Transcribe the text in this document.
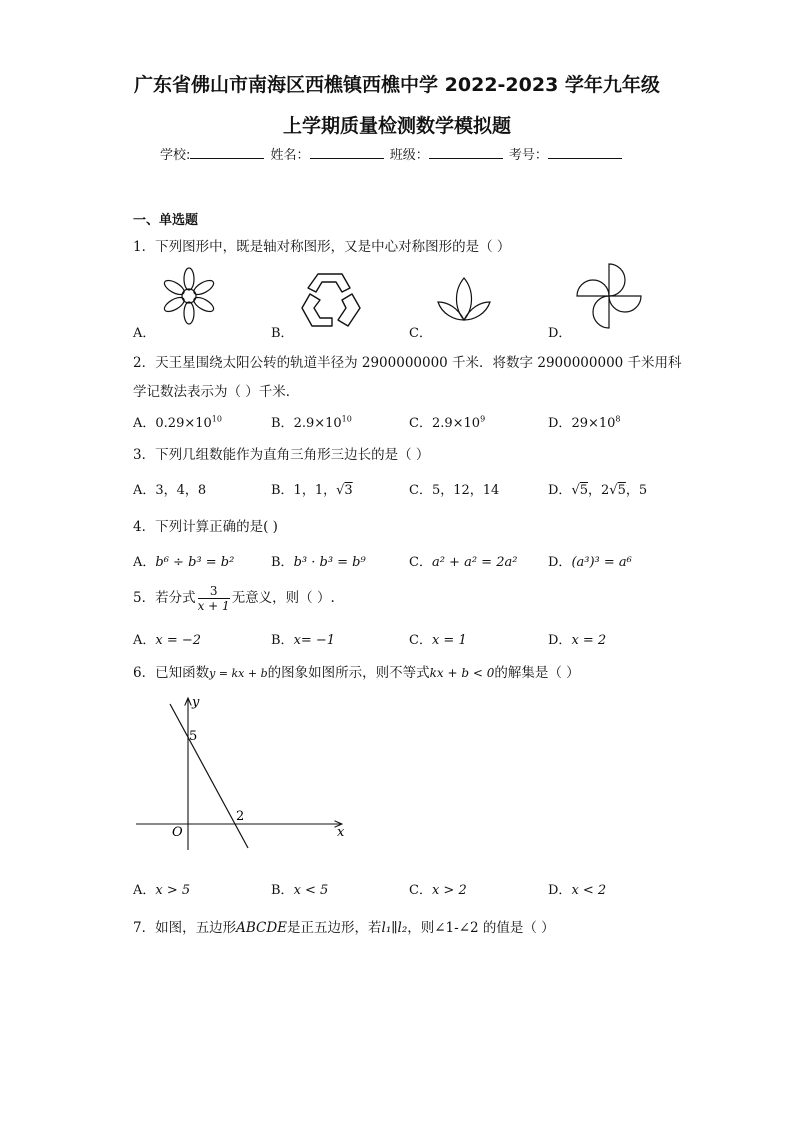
广东省佛山市南海区西樵镇西樵中学 2022-2023 学年九年级
上学期质量检测数学模拟题
学校:	姓名：	班级：	考号：
一、单选题
1．下列图形中，既是轴对称图形，又是中心对称图形的是（ ）
A．	B．	C．	D．
2．天王星围绕太阳公转的轨道半径为 2900000000 千米．将数字 2900000000 千米用科
学记数法表示为（ ）千米．
A．$0.29\times 10^{10}$	B．$2.9\times 10^{10}$	C．$2.9\times 10^9$	D．$29\times 10^8$
3．下列几组数能作为直角三角形三边长的是（ ）
A．3，4，8	B．1，1，√3	C．5，12，14	D．√5，2√5，5
4．下列计算正确的是( )
A．b⁶ ÷ b³ = b²	B．b³ · b³ = b⁹	C．a² + a² = 2a² D．(a³)³ = a⁶
5．若分式 $\frac{3}{x + 1}$ 无意义，则（ ）.
A．x = −2	B．x= −1	C．x = 1	D．x = 2
6．已知函数y = kx + b的图象如图所示，则不等式kx + b < 0的解集是（ ）
y
x
O
5
2
A．x > 5	B．x < 5	C．x > 2	D．x < 2
7．如图，五边形ABCDE是正五边形，若l₁∥l₂，则∠1-∠2 的值是（ ）
